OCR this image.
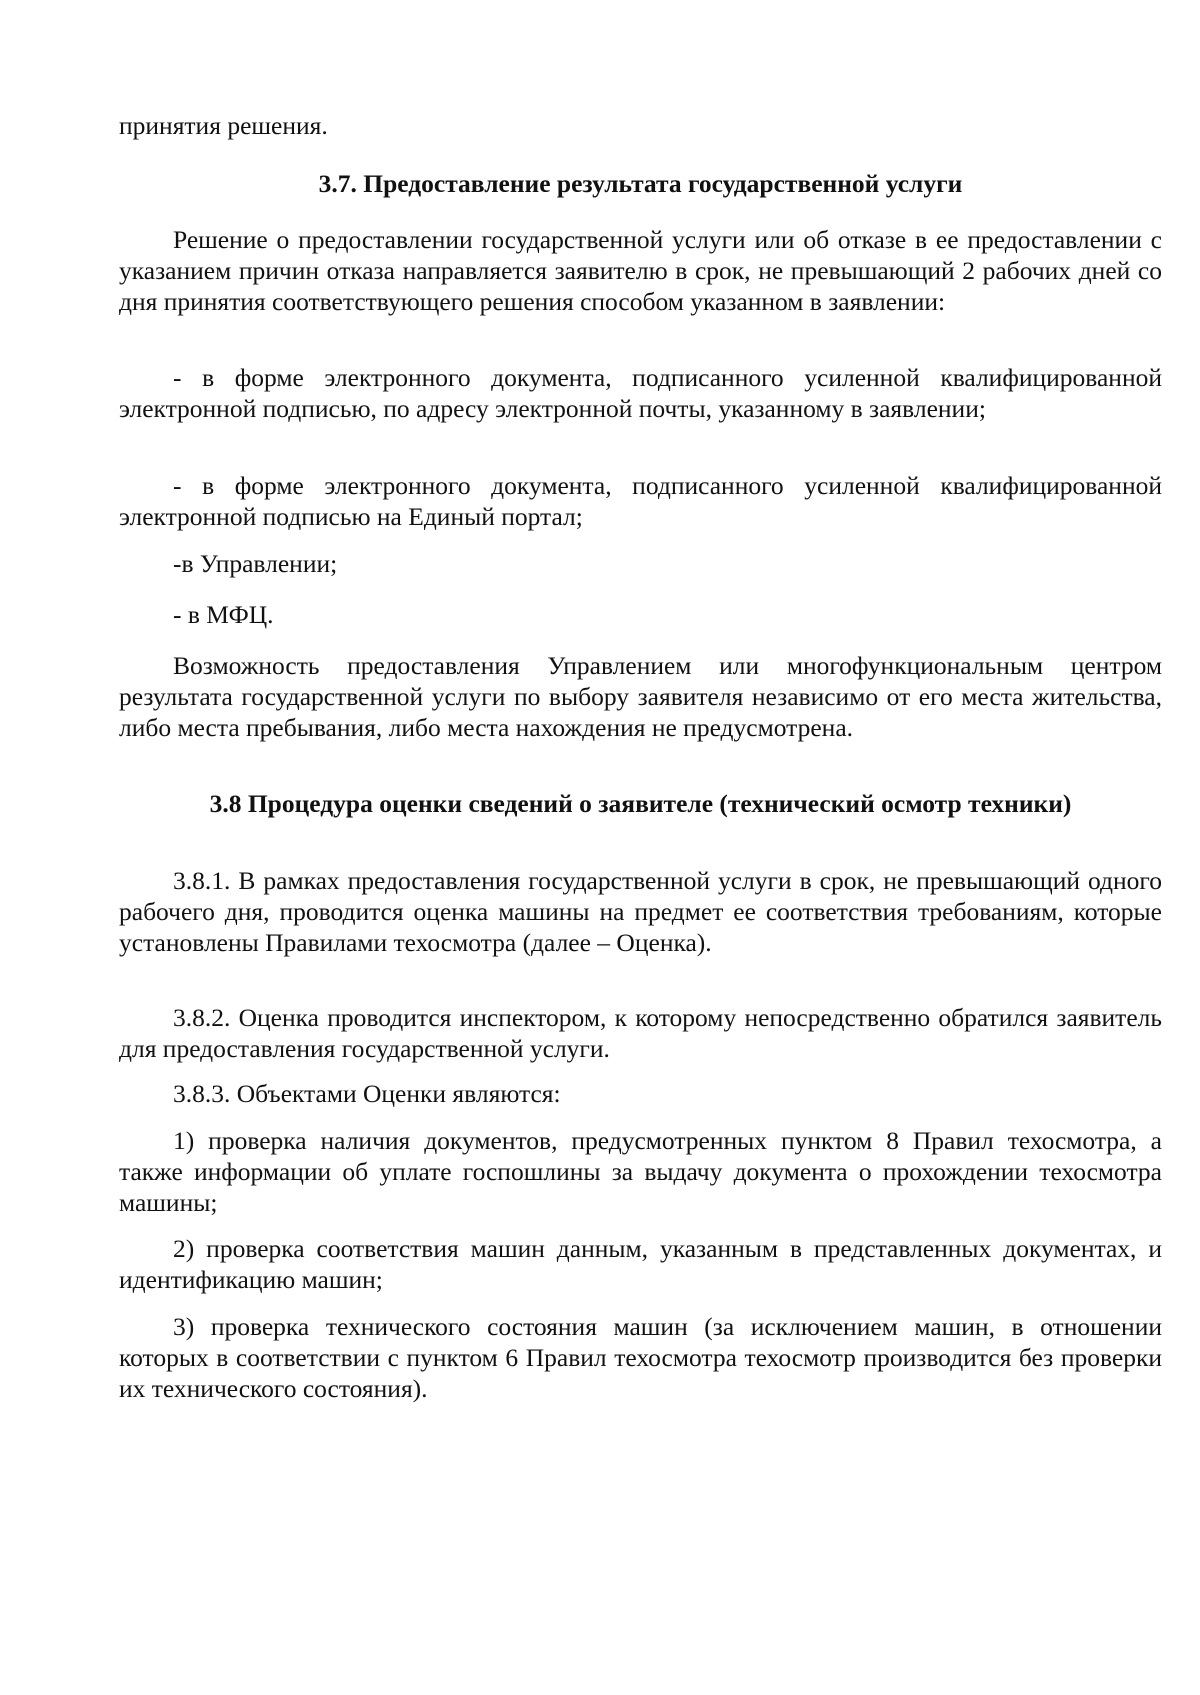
принятия решения.

3.7. Предоставление результата государственной услуги

Решение о предоставлении государственной услуги или об отказе в ее предоставлении с указанием причин отказа направляется заявителю в срок, не превышающий 2 рабочих дней со дня принятия соответствующего решения способом указанном в заявлении:

- в форме электронного документа, подписанного усиленной квалифицированной электронной подписью, по адресу электронной почты, указанному в заявлении;

- в форме электронного документа, подписанного усиленной квалифицированной электронной подписью на Единый портал;

-в Управлении;

- в МФЦ.

Возможность предоставления Управлением или многофункциональным центром результата государственной услуги по выбору заявителя независимо от его места жительства, либо места пребывания, либо места нахождения не предусмотрена.

3.8 Процедура оценки сведений о заявителе (технический осмотр техники)

3.8.1. В рамках предоставления государственной услуги в срок, не превышающий одного рабочего дня, проводится оценка машины на предмет ее соответствия требованиям, которые установлены Правилами техосмотра (далее – Оценка).

3.8.2. Оценка проводится инспектором, к которому непосредственно обратился заявитель для предоставления государственной услуги.

3.8.3. Объектами Оценки являются:

1) проверка наличия документов, предусмотренных пунктом 8 Правил техосмотра, а также информации об уплате госпошлины за выдачу документа о прохождении техосмотра машины;

2) проверка соответствия машин данным, указанным в представленных документах, и идентификацию машин;

3) проверка технического состояния машин (за исключением машин, в отношении которых в соответствии с пунктом 6 Правил техосмотра техосмотр производится без проверки их технического состояния).
